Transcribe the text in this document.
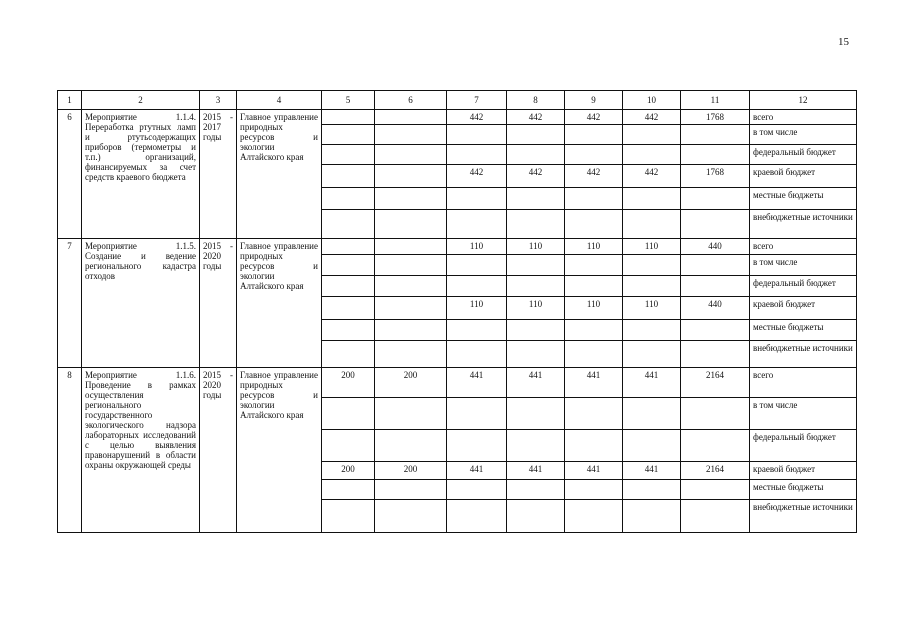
15
1	2	3	4	5	6	7	8	9	10	11	12
6	Мероприятие 1.1.4. Переработка ртутных ламп и ртутьсодержащих приборов (термометры и т.п.) организаций, финансируемых за счет средств краевого бюджета	2015 - 2017 годы	Главное управление природных ресурсов и экологии Алтайского края			442	442	442	442	1768	всего
											в том числе
											федеральный бюджет
						442	442	442	442	1768	краевой бюджет
											местные бюджеты
											внебюджетные источники
7	Мероприятие 1.1.5. Создание и ведение регионального кадастра отходов	2015 - 2020 годы	Главное управление природных ресурсов и экологии Алтайского края			110	110	110	110	440	всего
											в том числе
											федеральный бюджет
						110	110	110	110	440	краевой бюджет
											местные бюджеты
											внебюджетные источники
8	Мероприятие 1.1.6. Проведение в рамках осуществления регионального государственного экологического надзора лабораторных исследований с целью выявления правонарушений в области охраны окружающей среды	2015 - 2020 годы	Главное управление природных ресурсов и экологии Алтайского края	200	200	441	441	441	441	2164	всего
											в том числе
											федеральный бюджет
				200	200	441	441	441	441	2164	краевой бюджет
											местные бюджеты
											внебюджетные источники
